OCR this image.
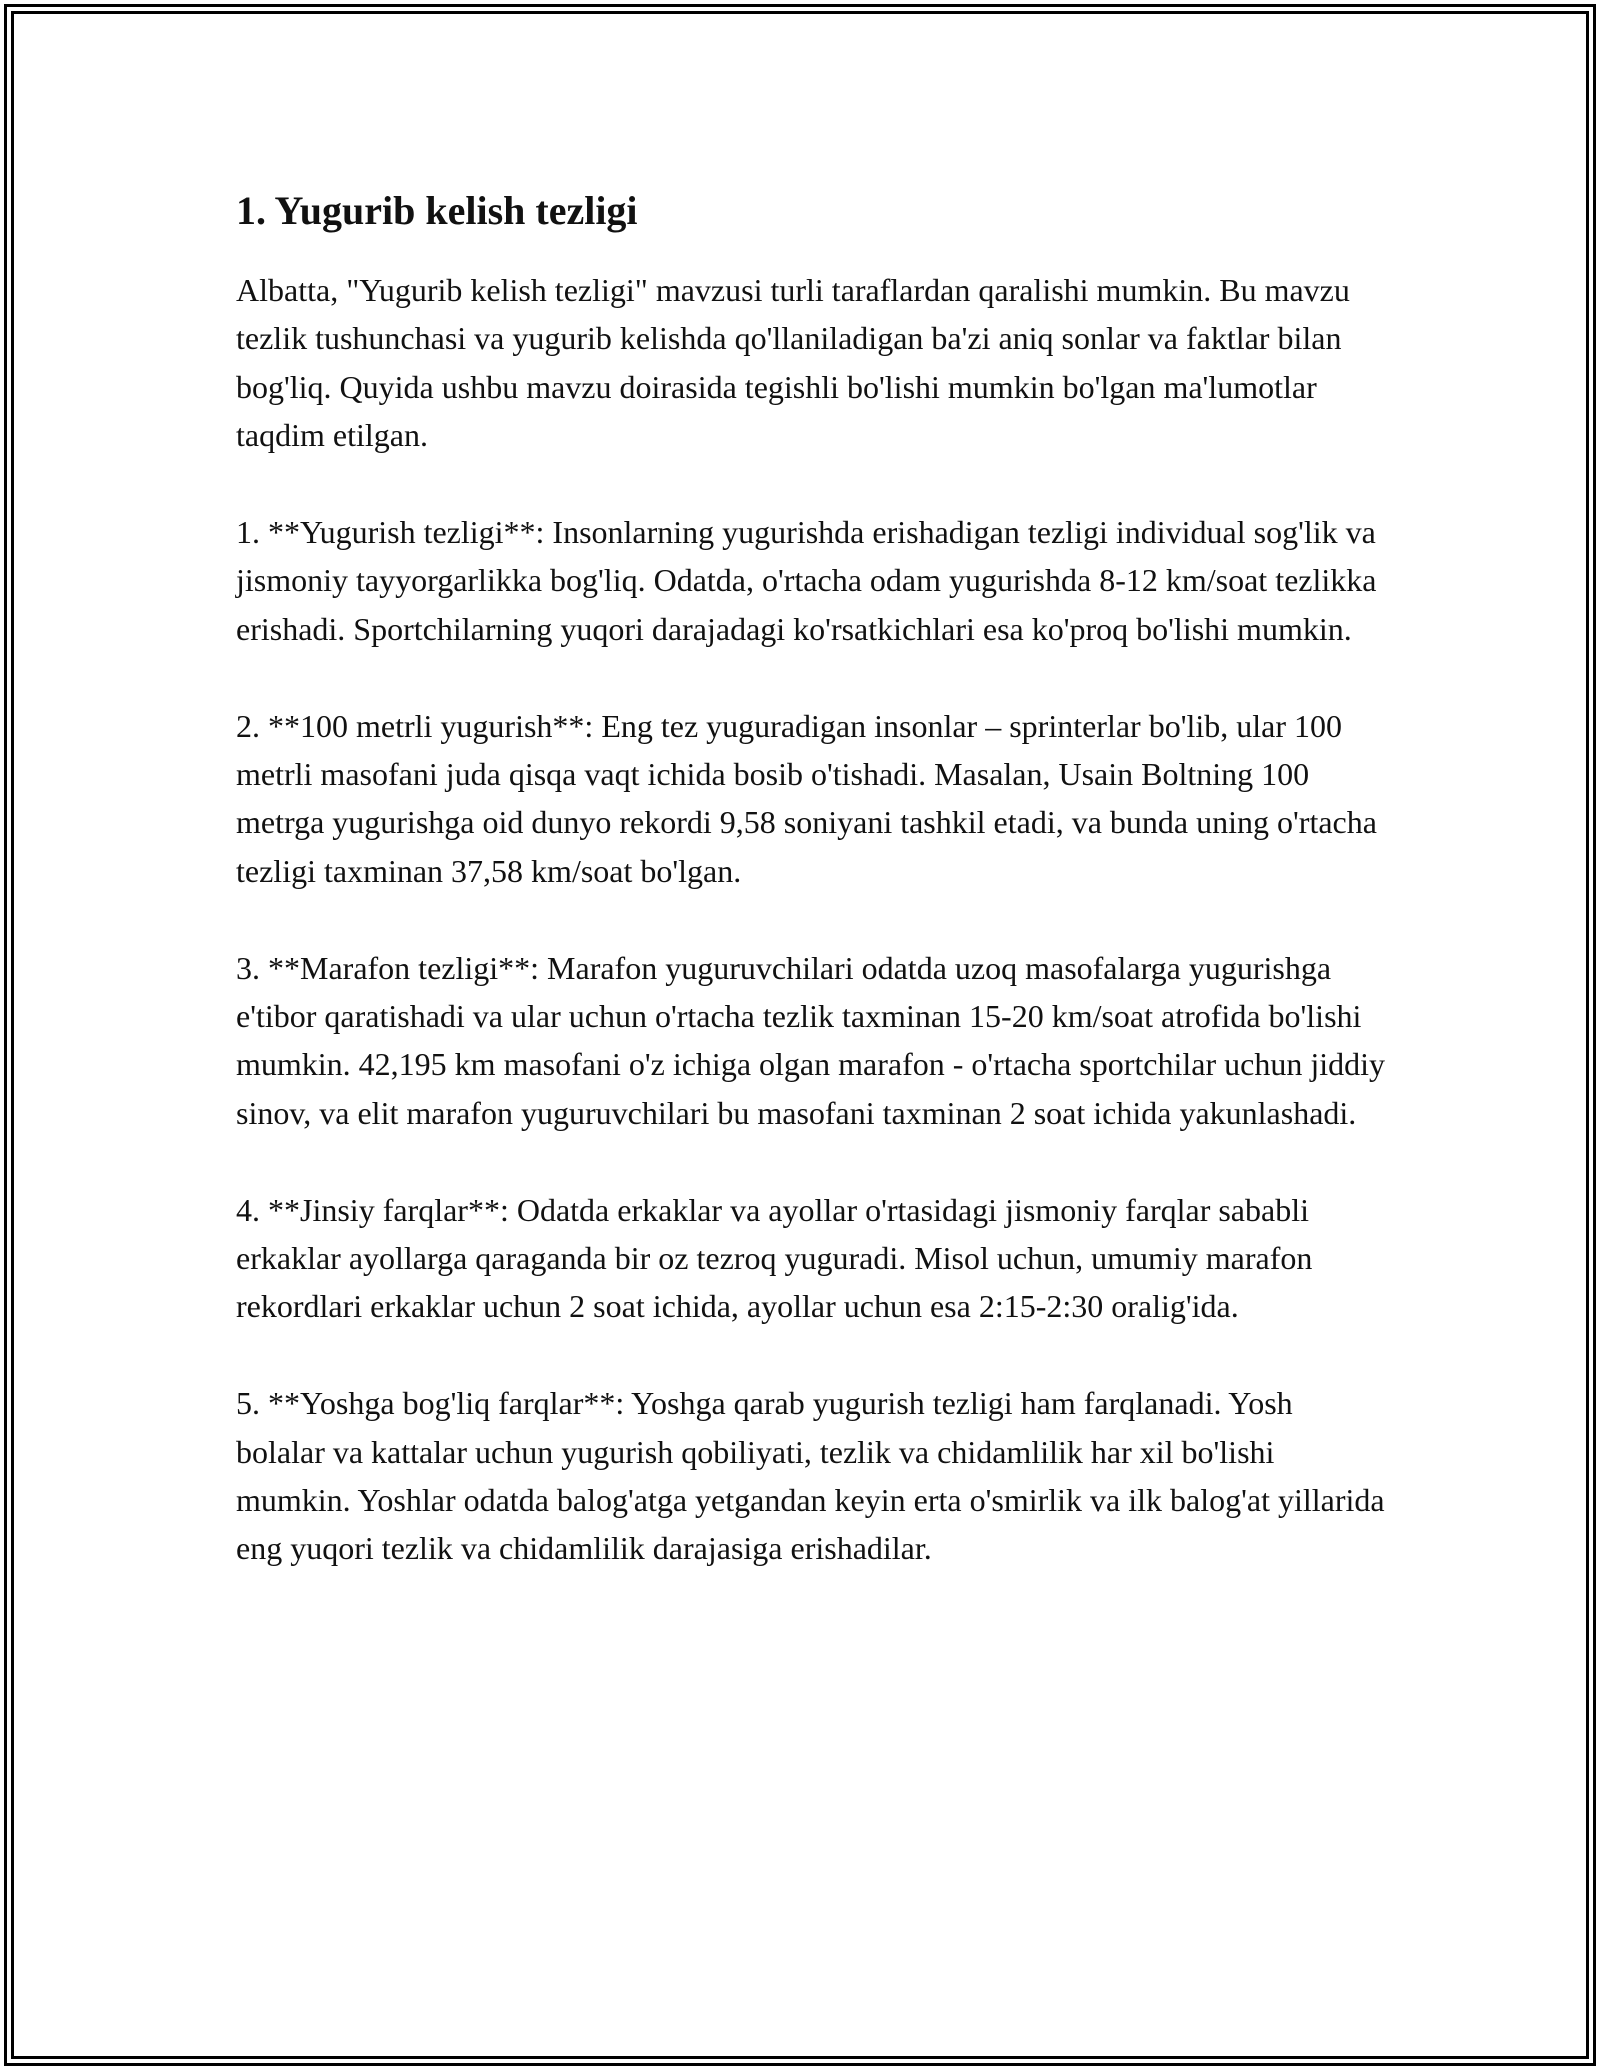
1. Yugurib kelish tezligi

Albatta, "Yugurib kelish tezligi" mavzusi turli taraflardan qaralishi mumkin. Bu mavzu tezlik tushunchasi va yugurib kelishda qo'llaniladigan ba'zi aniq sonlar va faktlar bilan bog'liq. Quyida ushbu mavzu doirasida tegishli bo'lishi mumkin bo'lgan ma'lumotlar taqdim etilgan.

1. **Yugurish tezligi**: Insonlarning yugurishda erishadigan tezligi individual sog'lik va jismoniy tayyorgarlikka bog'liq. Odatda, o'rtacha odam yugurishda 8-12 km/soat tezlikka erishadi. Sportchilarning yuqori darajadagi ko'rsatkichlari esa ko'proq bo'lishi mumkin.

2. **100 metrli yugurish**: Eng tez yuguradigan insonlar – sprinterlar bo'lib, ular 100 metrli masofani juda qisqa vaqt ichida bosib o'tishadi. Masalan, Usain Boltning 100 metrga yugurishga oid dunyo rekordi 9,58 soniyani tashkil etadi, va bunda uning o'rtacha tezligi taxminan 37,58 km/soat bo'lgan.

3. **Marafon tezligi**: Marafon yuguruvchilari odatda uzoq masofalarga yugurishga e'tibor qaratishadi va ular uchun o'rtacha tezlik taxminan 15-20 km/soat atrofida bo'lishi mumkin. 42,195 km masofani o'z ichiga olgan marafon - o'rtacha sportchilar uchun jiddiy sinov, va elit marafon yuguruvchilari bu masofani taxminan 2 soat ichida yakunlashadi.

4. **Jinsiy farqlar**: Odatda erkaklar va ayollar o'rtasidagi jismoniy farqlar sababli erkaklar ayollarga qaraganda bir oz tezroq yuguradi. Misol uchun, umumiy marafon rekordlari erkaklar uchun 2 soat ichida, ayollar uchun esa 2:15-2:30 oralig'ida.

5. **Yoshga bog'liq farqlar**: Yoshga qarab yugurish tezligi ham farqlanadi. Yosh bolalar va kattalar uchun yugurish qobiliyati, tezlik va chidamlilik har xil bo'lishi mumkin. Yoshlar odatda balog'atga yetgandan keyin erta o'smirlik va ilk balog'at yillarida eng yuqori tezlik va chidamlilik darajasiga erishadilar.
